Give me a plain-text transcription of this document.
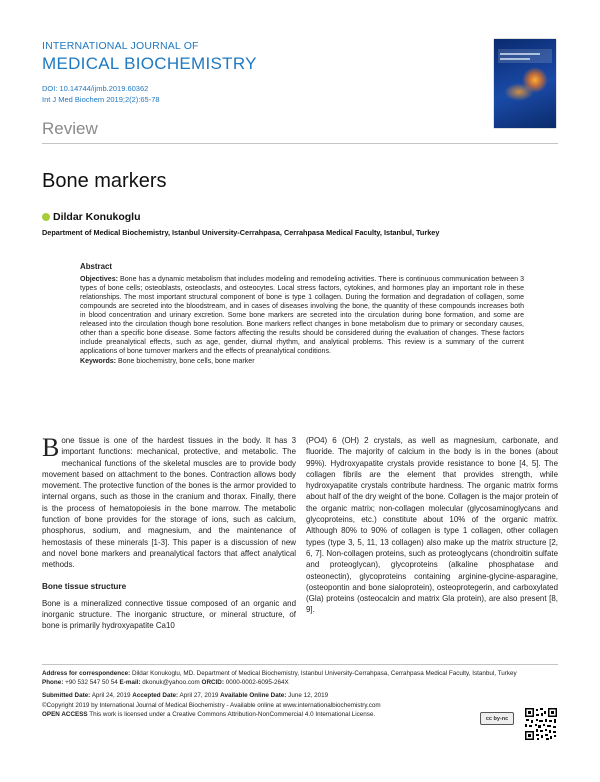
INTERNATIONAL JOURNAL OF
MEDICAL BIOCHEMISTRY
DOI: 10.14744/ijmb.2019.60362
Int J Med Biochem 2019;2(2):65-78
Review
Bone markers
Dildar Konukoglu
Department of Medical Biochemistry, Istanbul University-Cerrahpasa, Cerrahpasa Medical Faculty, Istanbul, Turkey
Abstract

Objectives: Bone has a dynamic metabolism that includes modeling and remodeling activities. There is continuous communication between 3 types of bone cells; osteoblasts, osteoclasts, and osteocytes. Local stress factors, cytokines, and hormones play an important role in these relationships. The most important structural component of bone is type 1 collagen. During the formation and degradation of collagen, some compounds are secreted into the bloodstream, and in cases of diseases involving the bone, the quantity of these compounds increases both in blood concentration and urinary excretion. Some bone markers are secreted into the circulation during bone formation, and some are released into the circulation though bone resolution. Bone markers reflect changes in bone metabolism due to primary or secondary causes, other than a specific bone disease. Some factors affecting the results should be considered during the evaluation of changes. These factors include preanalytical effects, such as age, gender, diurnal rhythm, and analytical problems. This review is a summary of the current applications of bone turnover markers and the effects of preanalytical conditions.

Keywords: Bone biochemistry, bone cells, bone marker

Bone tissue is one of the hardest tissues in the body. It has 3 important functions: mechanical, protective, and metabolic. The mechanical functions of the skeletal muscles are to provide body movement based on attachment to the bones. Contraction allows body movement. The protective function of the bones is the armor provided to internal organs, such as those in the cranium and thorax. Finally, there is the process of hematopoiesis in the bone marrow. The metabolic function of bone provides for the storage of ions, such as calcium, phosphorus, sodium, and magnesium, and the maintenance of hemostasis of these minerals [1-3]. This paper is a discussion of new and novel bone markers and preanalytical factors that affect analytical methods.

Bone tissue structure

Bone is a mineralized connective tissue composed of an organic and inorganic structure. The inorganic structure, or mineral structure, of bone is primarily hydroxyapatite Ca10

(PO4) 6 (OH) 2 crystals, as well as magnesium, carbonate, and fluoride. The majority of calcium in the body is in the bones (about 99%). Hydroxyapatite crystals provide resistance to bone [4, 5]. The collagen fibrils are the element that provides strength, while hydroxyapatite crystals contribute hardness. The organic matrix forms about half of the dry weight of the bone. Collagen is the major protein of the organic matrix; non-collagen molecular (glycosaminoglycans and glycoproteins, etc.) constitute about 10% of the organic matrix. Although 80% to 90% of collagen is type 1 collagen, other collagen types (type 3, 5, 11, 13 collagen) also make up the matrix structure [2, 6, 7]. Non-collagen proteins, such as proteoglycans (chondroitin sulfate and proteoglycan), glycoproteins (alkaline phosphatase and osteonectin), glycoproteins containing arginine-glycine-asparagine, (osteopontin and bone sialoprotein), osteoprotegerin, and carboxylated (Gla) proteins (osteocalcin and matrix Gla protein), are also present [8, 9].

Address for correspondence: Dildar Konukoglu, MD. Department of Medical Biochemistry, Istanbul University-Cerrahpasa, Cerrahpasa Medical Faculty, Istanbul, Turkey

Phone: +90 532 547 50 54 E-mail: dkonuk@yahoo.com ORCID: 0000-0002-6095-264X

Submitted Date: April 24, 2019 Accepted Date: April 27, 2019 Available Online Date: June 12, 2019

©Copyright 2019 by International Journal of Medical Biochemistry - Available online at www.internationalbiochemistry.com

OPEN ACCESS This work is licensed under a Creative Commons Attribution-NonCommercial 4.0 International License.

cc by-nc
